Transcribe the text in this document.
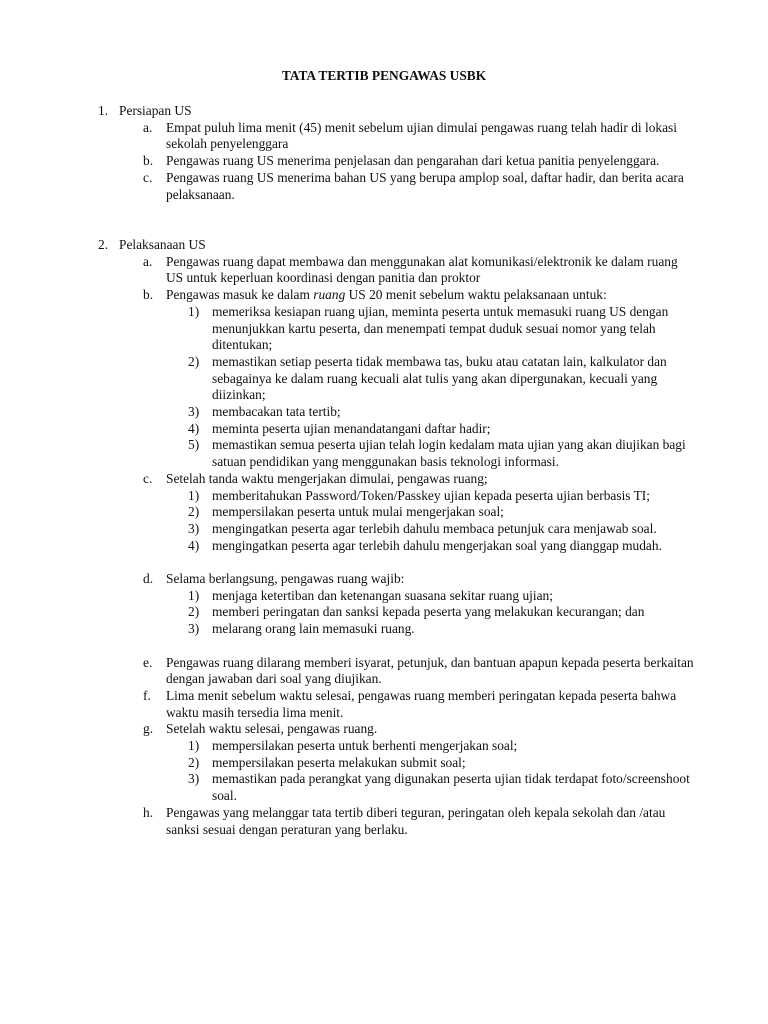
TATA TERTIB PENGAWAS USBK
1. Persiapan US
a. Empat puluh lima menit (45) menit sebelum ujian dimulai pengawas ruang telah hadir di lokasi sekolah penyelenggara
b. Pengawas ruang US menerima penjelasan dan pengarahan dari ketua panitia penyelenggara.
c. Pengawas ruang US menerima bahan US yang berupa amplop soal, daftar hadir, dan berita acara pelaksanaan.
2. Pelaksanaan US
a. Pengawas ruang dapat membawa dan menggunakan alat komunikasi/elektronik ke dalam ruang US untuk keperluan koordinasi dengan panitia dan proktor
b. Pengawas masuk ke dalam ruang US 20 menit sebelum waktu pelaksanaan untuk:
1) memeriksa kesiapan ruang ujian, meminta peserta untuk memasuki ruang US dengan menunjukkan kartu peserta, dan menempati tempat duduk sesuai nomor yang telah ditentukan;
2) memastikan setiap peserta tidak membawa tas, buku atau catatan lain, kalkulator dan sebagainya ke dalam ruang kecuali alat tulis yang akan dipergunakan, kecuali yang diizinkan;
3) membacakan tata tertib;
4) meminta peserta ujian menandatangani daftar hadir;
5) memastikan semua peserta ujian telah login kedalam mata ujian yang akan diujikan bagi satuan pendidikan yang menggunakan basis teknologi informasi.
c. Setelah tanda waktu mengerjakan dimulai, pengawas ruang;
1) memberitahukan Password/Token/Passkey ujian kepada peserta ujian berbasis TI;
2) mempersilakan peserta untuk mulai mengerjakan soal;
3) mengingatkan peserta agar terlebih dahulu membaca petunjuk cara menjawab soal.
4) mengingatkan peserta agar terlebih dahulu mengerjakan soal yang dianggap mudah.
d. Selama berlangsung, pengawas ruang wajib:
1) menjaga ketertiban dan ketenangan suasana sekitar ruang ujian;
2) memberi peringatan dan sanksi kepada peserta yang melakukan kecurangan; dan
3) melarang orang lain memasuki ruang.
e. Pengawas ruang dilarang memberi isyarat, petunjuk, dan bantuan apapun kepada peserta berkaitan dengan jawaban dari soal yang diujikan.
f. Lima menit sebelum waktu selesai, pengawas ruang memberi peringatan kepada peserta bahwa waktu masih tersedia lima menit.
g. Setelah waktu selesai, pengawas ruang.
1) mempersilakan peserta untuk berhenti mengerjakan soal;
2) mempersilakan peserta melakukan submit soal;
3) memastikan pada perangkat yang digunakan peserta ujian tidak terdapat foto/screenshoot soal.
h. Pengawas yang melanggar tata tertib diberi teguran, peringatan oleh kepala sekolah dan /atau sanksi sesuai dengan peraturan yang berlaku.
